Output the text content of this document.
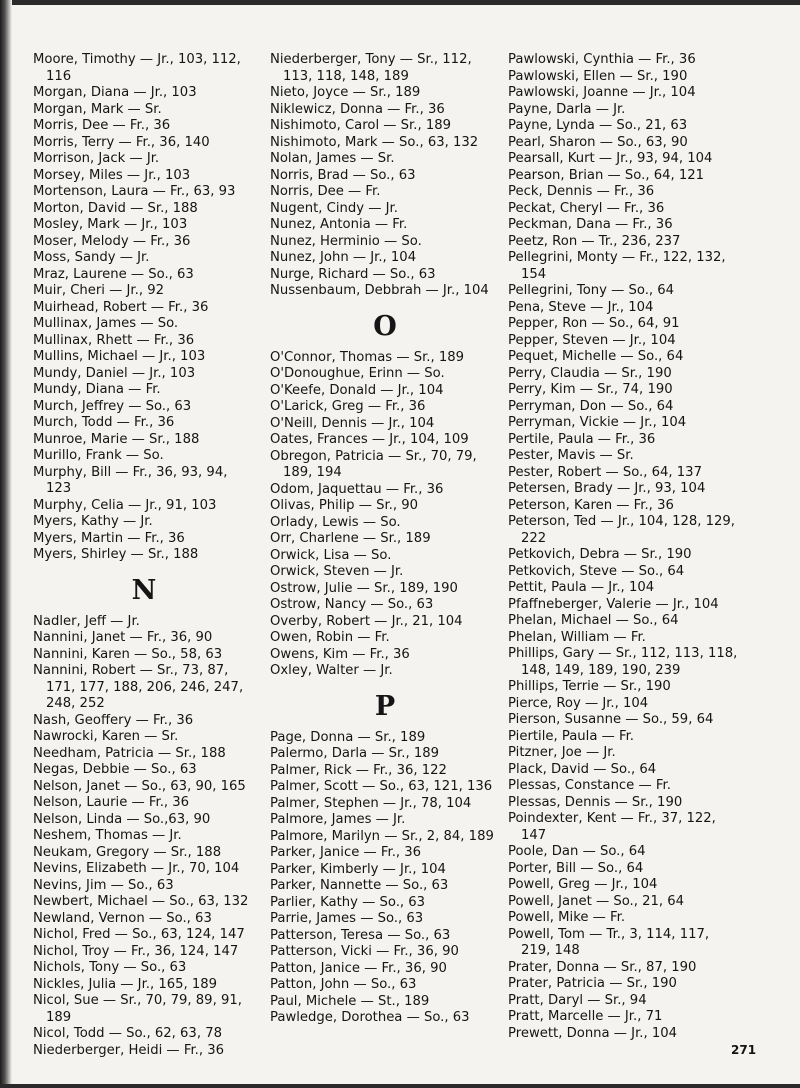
Moore, Timothy — Jr., 103, 112, 116
Morgan, Diana — Jr., 103
Morgan, Mark — Sr.
Morris, Dee — Fr., 36
Morris, Terry — Fr., 36, 140
Morrison, Jack — Jr.
Morsey, Miles — Jr., 103
Mortenson, Laura — Fr., 63, 93
Morton, David — Sr., 188
Mosley, Mark — Jr., 103
Moser, Melody — Fr., 36
Moss, Sandy — Jr.
Mraz, Laurene — So., 63
Muir, Cheri — Jr., 92
Muirhead, Robert — Fr., 36
Mullinax, James — So.
Mullinax, Rhett — Fr., 36
Mullins, Michael — Jr., 103
Mundy, Daniel — Jr., 103
Mundy, Diana — Fr.
Murch, Jeffrey — So., 63
Murch, Todd — Fr., 36
Munroe, Marie — Sr., 188
Murillo, Frank — So.
Murphy, Bill — Fr., 36, 93, 94, 123
Murphy, Celia — Jr., 91, 103
Myers, Kathy — Jr.
Myers, Martin — Fr., 36
Myers, Shirley — Sr., 188
N
Nadler, Jeff — Jr.
Nannini, Janet — Fr., 36, 90
Nannini, Karen — So., 58, 63
Nannini, Robert — Sr., 73, 87, 171, 177, 188, 206, 246, 247, 248, 252
Nash, Geoffery — Fr., 36
Nawrocki, Karen — Sr.
Needham, Patricia — Sr., 188
Negas, Debbie — So., 63
Nelson, Janet — So., 63, 90, 165
Nelson, Laurie — Fr., 36
Nelson, Linda — So.,63, 90
Neshem, Thomas — Jr.
Neukam, Gregory — Sr., 188
Nevins, Elizabeth — Jr., 70, 104
Nevins, Jim — So., 63
Newbert, Michael — So., 63, 132
Newland, Vernon — So., 63
Nichol, Fred — So., 63, 124, 147
Nichol, Troy — Fr., 36, 124, 147
Nichols, Tony — So., 63
Nickles, Julia — Jr., 165, 189
Nicol, Sue — Sr., 70, 79, 89, 91, 189
Nicol, Todd — So., 62, 63, 78
Niederberger, Heidi — Fr., 36
Niederberger, Tony — Sr., 112, 113, 118, 148, 189
Nieto, Joyce — Sr., 189
Niklewicz, Donna — Fr., 36
Nishimoto, Carol — Sr., 189
Nishimoto, Mark — So., 63, 132
Nolan, James — Sr.
Norris, Brad — So., 63
Norris, Dee — Fr.
Nugent, Cindy — Jr.
Nunez, Antonia — Fr.
Nunez, Herminio — So.
Nunez, John — Jr., 104
Nurge, Richard — So., 63
Nussenbaum, Debbrah — Jr., 104
O
O'Connor, Thomas — Sr., 189
O'Donoughue, Erinn — So.
O'Keefe, Donald — Jr., 104
O'Larick, Greg — Fr., 36
O'Neill, Dennis — Jr., 104
Oates, Frances — Jr., 104, 109
Obregon, Patricia — Sr., 70, 79, 189, 194
Odom, Jaquettau — Fr., 36
Olivas, Philip — Sr., 90
Orlady, Lewis — So.
Orr, Charlene — Sr., 189
Orwick, Lisa — So.
Orwick, Steven — Jr.
Ostrow, Julie — Sr., 189, 190
Ostrow, Nancy — So., 63
Overby, Robert — Jr., 21, 104
Owen, Robin — Fr.
Owens, Kim — Fr., 36
Oxley, Walter — Jr.
P
Page, Donna — Sr., 189
Palermo, Darla — Sr., 189
Palmer, Rick — Fr., 36, 122
Palmer, Scott — So., 63, 121, 136
Palmer, Stephen — Jr., 78, 104
Palmore, James — Jr.
Palmore, Marilyn — Sr., 2, 84, 189
Parker, Janice — Fr., 36
Parker, Kimberly — Jr., 104
Parker, Nannette — So., 63
Parlier, Kathy — So., 63
Parrie, James — So., 63
Patterson, Teresa — So., 63
Patterson, Vicki — Fr., 36, 90
Patton, Janice — Fr., 36, 90
Patton, John — So., 63
Paul, Michele — St., 189
Pawledge, Dorothea — So., 63
Pawlowski, Cynthia — Fr., 36
Pawlowski, Ellen — Sr., 190
Pawlowski, Joanne — Jr., 104
Payne, Darla — Jr.
Payne, Lynda — So., 21, 63
Pearl, Sharon — So., 63, 90
Pearsall, Kurt — Jr., 93, 94, 104
Pearson, Brian — So., 64, 121
Peck, Dennis — Fr., 36
Peckat, Cheryl — Fr., 36
Peckman, Dana — Fr., 36
Peetz, Ron — Tr., 236, 237
Pellegrini, Monty — Fr., 122, 132, 154
Pellegrini, Tony — So., 64
Pena, Steve — Jr., 104
Pepper, Ron — So., 64, 91
Pepper, Steven — Jr., 104
Pequet, Michelle — So., 64
Perry, Claudia — Sr., 190
Perry, Kim — Sr., 74, 190
Perryman, Don — So., 64
Perryman, Vickie — Jr., 104
Pertile, Paula — Fr., 36
Pester, Mavis — Sr.
Pester, Robert — So., 64, 137
Petersen, Brady — Jr., 93, 104
Peterson, Karen — Fr., 36
Peterson, Ted — Jr., 104, 128, 129, 222
Petkovich, Debra — Sr., 190
Petkovich, Steve — So., 64
Pettit, Paula — Jr., 104
Pfaffneberger, Valerie — Jr., 104
Phelan, Michael — So., 64
Phelan, William — Fr.
Phillips, Gary — Sr., 112, 113, 118, 148, 149, 189, 190, 239
Phillips, Terrie — Sr., 190
Pierce, Roy — Jr., 104
Pierson, Susanne — So., 59, 64
Piertile, Paula — Fr.
Pitzner, Joe — Jr.
Plack, David — So., 64
Plessas, Constance — Fr.
Plessas, Dennis — Sr., 190
Poindexter, Kent — Fr., 37, 122, 147
Poole, Dan — So., 64
Porter, Bill — So., 64
Powell, Greg — Jr., 104
Powell, Janet — So., 21, 64
Powell, Mike — Fr.
Powell, Tom — Tr., 3, 114, 117, 219, 148
Prater, Donna — Sr., 87, 190
Prater, Patricia — Sr., 190
Pratt, Daryl — Sr., 94
Pratt, Marcelle — Jr., 71
Prewett, Donna — Jr., 104
271
